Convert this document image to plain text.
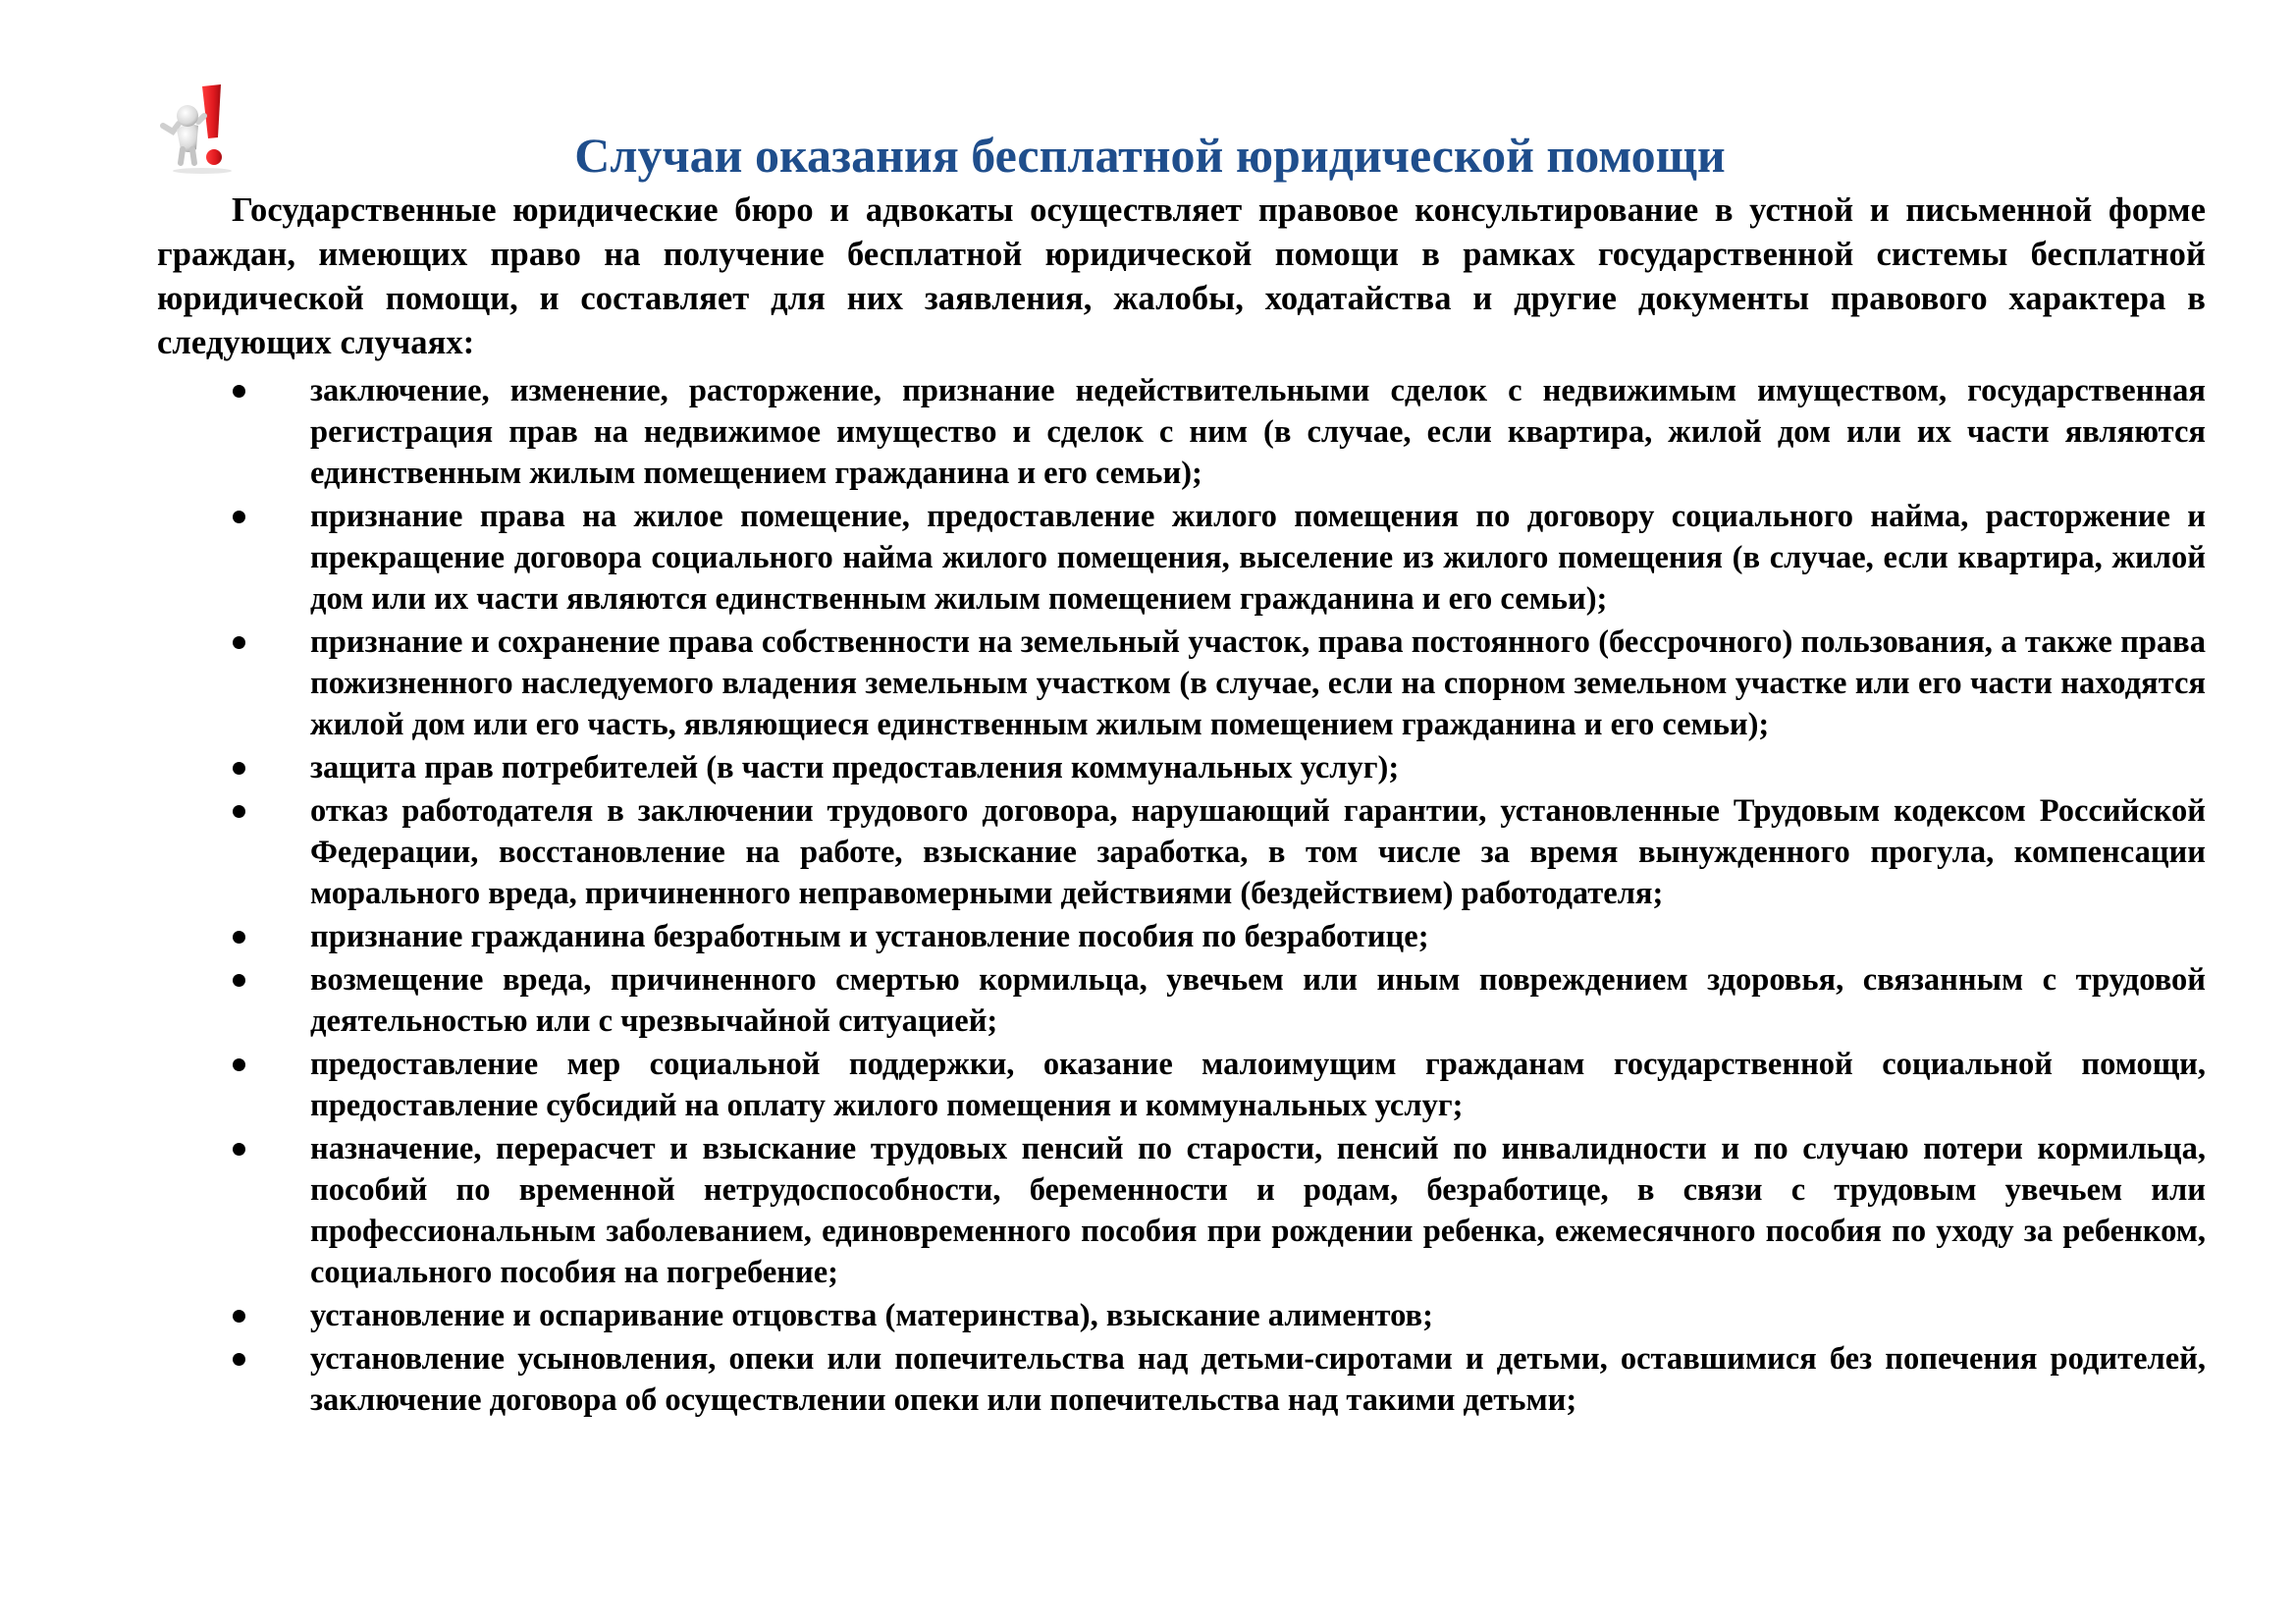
Случаи оказания бесплатной юридической помощи

Государственные юридические бюро и адвокаты осуществляет правовое консультирование в устной и письменной форме граждан, имеющих право на получение бесплатной юридической помощи в рамках государственной системы бесплатной юридической помощи, и составляет для них заявления, жалобы, ходатайства и другие документы правового характера в следующих случаях:

заключение, изменение, расторжение, признание недействительными сделок с недвижимым имуществом, государственная регистрация прав на недвижимое имущество и сделок с ним (в случае, если квартира, жилой дом или их части являются единственным жилым помещением гражданина и его семьи);
признание права на жилое помещение, предоставление жилого помещения по договору социального найма, расторжение и прекращение договора социального найма жилого помещения, выселение из жилого помещения (в случае, если квартира, жилой дом или их части являются единственным жилым помещением гражданина и его семьи);
признание и сохранение права собственности на земельный участок, права постоянного (бессрочного) пользования, а также права пожизненного наследуемого владения земельным участком (в случае, если на спорном земельном участке или его части находятся жилой дом или его часть, являющиеся единственным жилым помещением гражданина и его семьи);
защита прав потребителей (в части предоставления коммунальных услуг);
отказ работодателя в заключении трудового договора, нарушающий гарантии, установленные Трудовым кодексом Российской Федерации, восстановление на работе, взыскание заработка, в том числе за время вынужденного прогула, компенсации морального вреда, причиненного неправомерными действиями (бездействием) работодателя;
признание гражданина безработным и установление пособия по безработице;
возмещение вреда, причиненного смертью кормильца, увечьем или иным повреждением здоровья, связанным с трудовой деятельностью или с чрезвычайной ситуацией;
предоставление мер социальной поддержки, оказание малоимущим гражданам государственной социальной помощи, предоставление субсидий на оплату жилого помещения и коммунальных услуг;
назначение, перерасчет и взыскание трудовых пенсий по старости, пенсий по инвалидности и по случаю потери кормильца, пособий по временной нетрудоспособности, беременности и родам, безработице, в связи с трудовым увечьем или профессиональным заболеванием, единовременного пособия при рождении ребенка, ежемесячного пособия по уходу за ребенком, социального пособия на погребение;
установление и оспаривание отцовства (материнства), взыскание алиментов;
установление усыновления, опеки или попечительства над детьми-сиротами и детьми, оставшимися без попечения родителей, заключение договора об осуществлении опеки или попечительства над такими детьми;
